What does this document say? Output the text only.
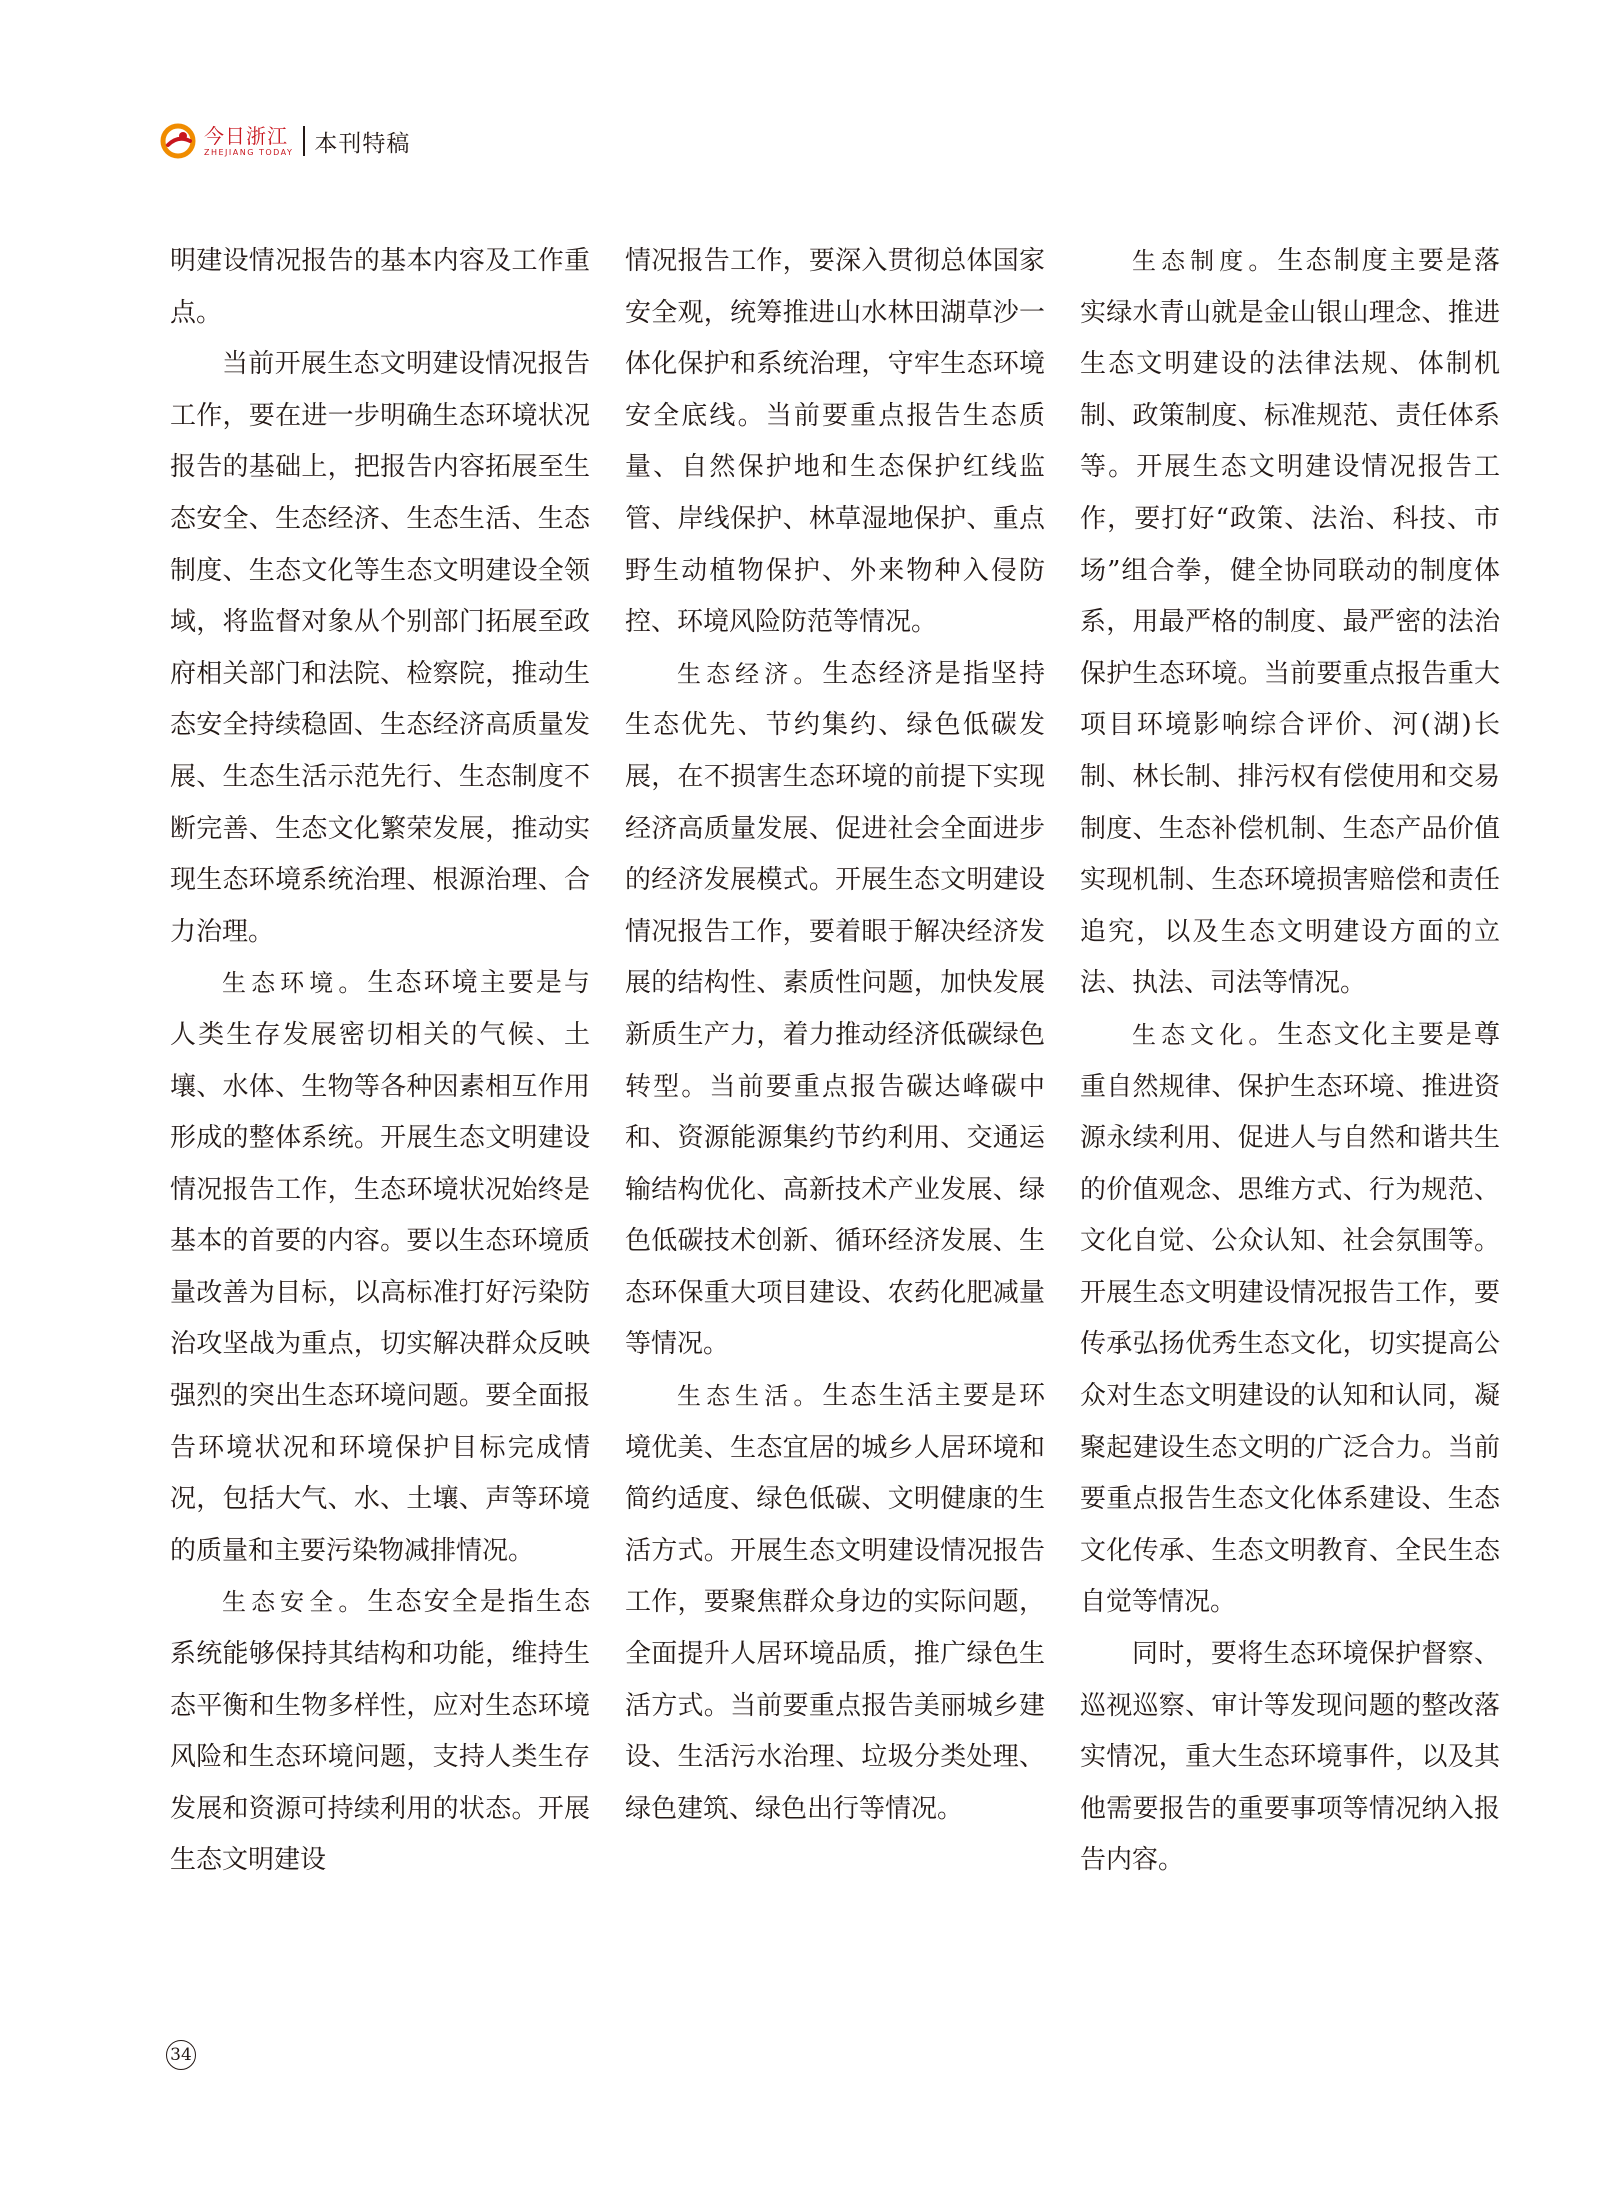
今日浙江
ZHEJIANG TODAY 本刊特稿

明建设情况报告的基本内容及工作重点。

当前开展生态文明建设情况报告工作，要在进一步明确生态环境状况报告的基础上，把报告内容拓展至生态安全、生态经济、生态生活、生态制度、生态文化等生态文明建设全领域，将监督对象从个别部门拓展至政府相关部门和法院、检察院，推动生态安全持续稳固、生态经济高质量发展、生态生活示范先行、生态制度不断完善、生态文化繁荣发展，推动实现生态环境系统治理、根源治理、合力治理。

生态环境。生态环境主要是与人类生存发展密切相关的气候、土壤、水体、生物等各种因素相互作用形成的整体系统。开展生态文明建设情况报告工作，生态环境状况始终是基本的首要的内容。要以生态环境质量改善为目标，以高标准打好污染防治攻坚战为重点，切实解决群众反映强烈的突出生态环境问题。要全面报告环境状况和环境保护目标完成情况，包括大气、水、土壤、声等环境的质量和主要污染物减排情况。

生态安全。生态安全是指生态系统能够保持其结构和功能，维持生态平衡和生物多样性，应对生态环境风险和生态环境问题，支持人类生存发展和资源可持续利用的状态。开展生态文明建设

情况报告工作，要深入贯彻总体国家安全观，统筹推进山水林田湖草沙一体化保护和系统治理，守牢生态环境安全底线。当前要重点报告生态质量、自然保护地和生态保护红线监管、岸线保护、林草湿地保护、重点野生动植物保护、外来物种入侵防控、环境风险防范等情况。

生态经济。生态经济是指坚持生态优先、节约集约、绿色低碳发展，在不损害生态环境的前提下实现经济高质量发展、促进社会全面进步的经济发展模式。开展生态文明建设情况报告工作，要着眼于解决经济发展的结构性、素质性问题，加快发展新质生产力，着力推动经济低碳绿色转型。当前要重点报告碳达峰碳中和、资源能源集约节约利用、交通运输结构优化、高新技术产业发展、绿色低碳技术创新、循环经济发展、生态环保重大项目建设、农药化肥减量等情况。

生态生活。生态生活主要是环境优美、生态宜居的城乡人居环境和简约适度、绿色低碳、文明健康的生活方式。开展生态文明建设情况报告工作，要聚焦群众身边的实际问题，全面提升人居环境品质，推广绿色生活方式。当前要重点报告美丽城乡建设、生活污水治理、垃圾分类处理、绿色建筑、绿色出行等情况。

生态制度。生态制度主要是落实绿水青山就是金山银山理念、推进生态文明建设的法律法规、体制机制、政策制度、标准规范、责任体系等。开展生态文明建设情况报告工作，要打好“政策、法治、科技、市场”组合拳，健全协同联动的制度体系，用最严格的制度、最严密的法治保护生态环境。当前要重点报告重大项目环境影响综合评价、河(湖)长制、林长制、排污权有偿使用和交易制度、生态补偿机制、生态产品价值实现机制、生态环境损害赔偿和责任追究，以及生态文明建设方面的立法、执法、司法等情况。

生态文化。生态文化主要是尊重自然规律、保护生态环境、推进资源永续利用、促进人与自然和谐共生的价值观念、思维方式、行为规范、文化自觉、公众认知、社会氛围等。开展生态文明建设情况报告工作，要传承弘扬优秀生态文化，切实提高公众对生态文明建设的认知和认同，凝聚起建设生态文明的广泛合力。当前要重点报告生态文化体系建设、生态文化传承、生态文明教育、全民生态自觉等情况。

同时，要将生态环境保护督察、巡视巡察、审计等发现问题的整改落实情况，重大生态环境事件，以及其他需要报告的重要事项等情况纳入报告内容。

34
